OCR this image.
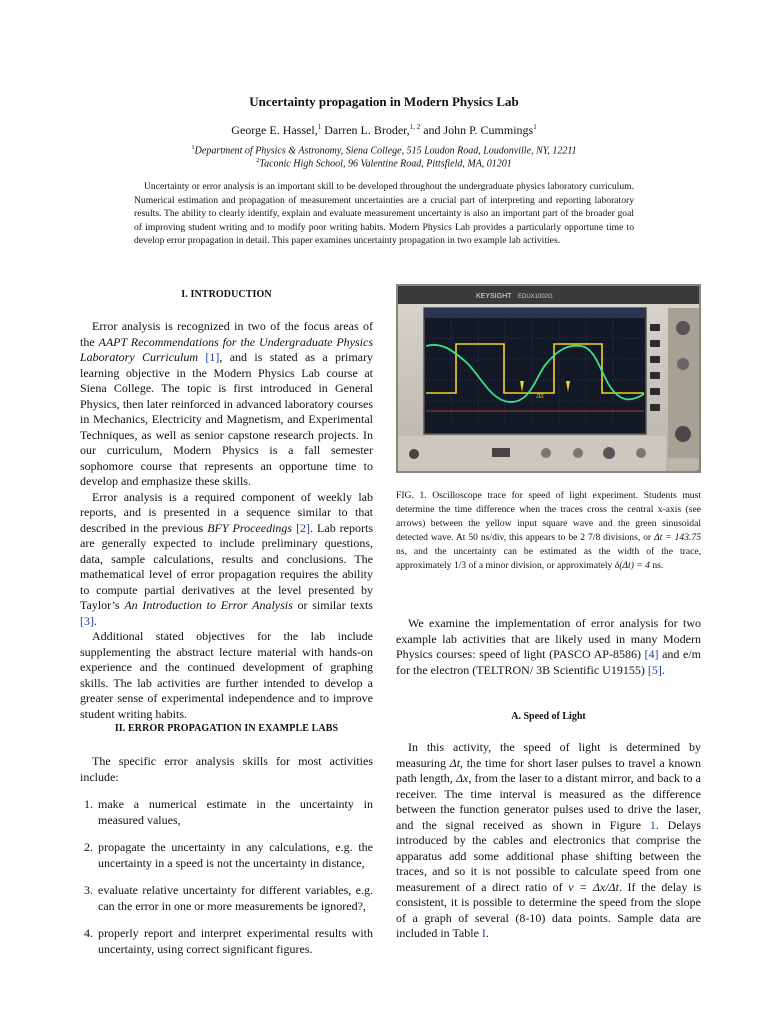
Uncertainty propagation in Modern Physics Lab
George E. Hassel,$^1$ Darren L. Broder,$^{1, 2}$ and John P. Cummings$^1$
$^1$Department of Physics & Astronomy, Siena College, 515 Loudon Road, Loudonville, NY, 12211
$^2$Taconic High School, 96 Valentine Road, Pittsfield, MA, 01201
Uncertainty or error analysis is an important skill to be developed throughout the undergraduate physics laboratory curriculum. Numerical estimation and propagation of measurement uncertainties are a crucial part of interpreting and reporting laboratory results. The ability to clearly identify, explain and evaluate measurement uncertainty is also an important part of the broader goal of improving student writing and to modify poor writing habits. Modern Physics Lab provides a particularly opportune time to develop error propagation in detail. This paper examines uncertainty propagation in two example lab activities.
I. INTRODUCTION

Error analysis is recognized in two of the focus areas of the AAPT Recommendations for the Undergraduate Physics Laboratory Curriculum [1], and is stated as a primary learning objective in the Modern Physics Lab course at Siena College. The topic is first introduced in General Physics, then later reinforced in advanced laboratory courses in Mechanics, Electricity and Magnetism, and Experimental Techniques, as well as senior capstone research projects. In our curriculum, Modern Physics is a fall semester sophomore course that represents an opportune time to develop and emphasize these skills.

Error analysis is a required component of weekly lab reports, and is presented in a sequence similar to that described in the previous BFY Proceedings [2]. Lab reports are generally expected to include preliminary questions, data, sample calculations, results and conclusions. The mathematical level of error propagation requires the ability to compute partial derivatives at the level presented by Taylor’s An Introduction to Error Analysis or similar texts [3].

Additional stated objectives for the lab include supplementing the abstract lecture material with hands-on experience and the continued development of graphing skills. The lab activities are further intended to develop a greater sense of experimental independence and to improve student writing habits.

II. ERROR PROPAGATION IN EXAMPLE LABS

The specific error analysis skills for most activities include:

1. make a numerical estimate in the uncertainty in measured values,
2. propagate the uncertainty in any calculations, e.g. the uncertainty in a speed is not the uncertainty in distance,
3. evaluate relative uncertainty for different variables, e.g. can the error in one or more measurements be ignored?,
4. properly report and interpret experimental results with uncertainty, using correct significant figures.
KEYSIGHT EDUX1002G
Δt
FIG. 1. Oscilloscope trace for speed of light experiment. Students must determine the time difference when the traces cross the central x-axis (see arrows) between the yellow input square wave and the green sinusoidal detected wave. At 50 ns/div, this appears to be 2 7/8 divisions, or Δt = 143.75 ns, and the uncertainty can be estimated as the width of the trace, approximately 1/3 of a minor division, or approximately δ(Δt) = 4 ns.

We examine the implementation of error analysis for two example lab activities that are likely used in many Modern Physics courses: speed of light (PASCO AP-8586) [4] and e/m for the electron (TELTRON/ 3B Scientific U19155) [5].

A. Speed of Light

In this activity, the speed of light is determined by measuring Δt, the time for short laser pulses to travel a known path length, Δx, from the laser to a distant mirror, and back to a receiver. The time interval is measured as the difference between the function generator pulses used to drive the laser, and the signal received as shown in Figure 1. Delays introduced by the cables and electronics that comprise the apparatus add some additional phase shifting between the traces, and so it is not possible to calculate speed from one measurement of a direct ratio of v = Δx/Δt. If the delay is consistent, it is possible to determine the speed from the slope of a graph of several (8-10) data points. Sample data are included in Table I.
